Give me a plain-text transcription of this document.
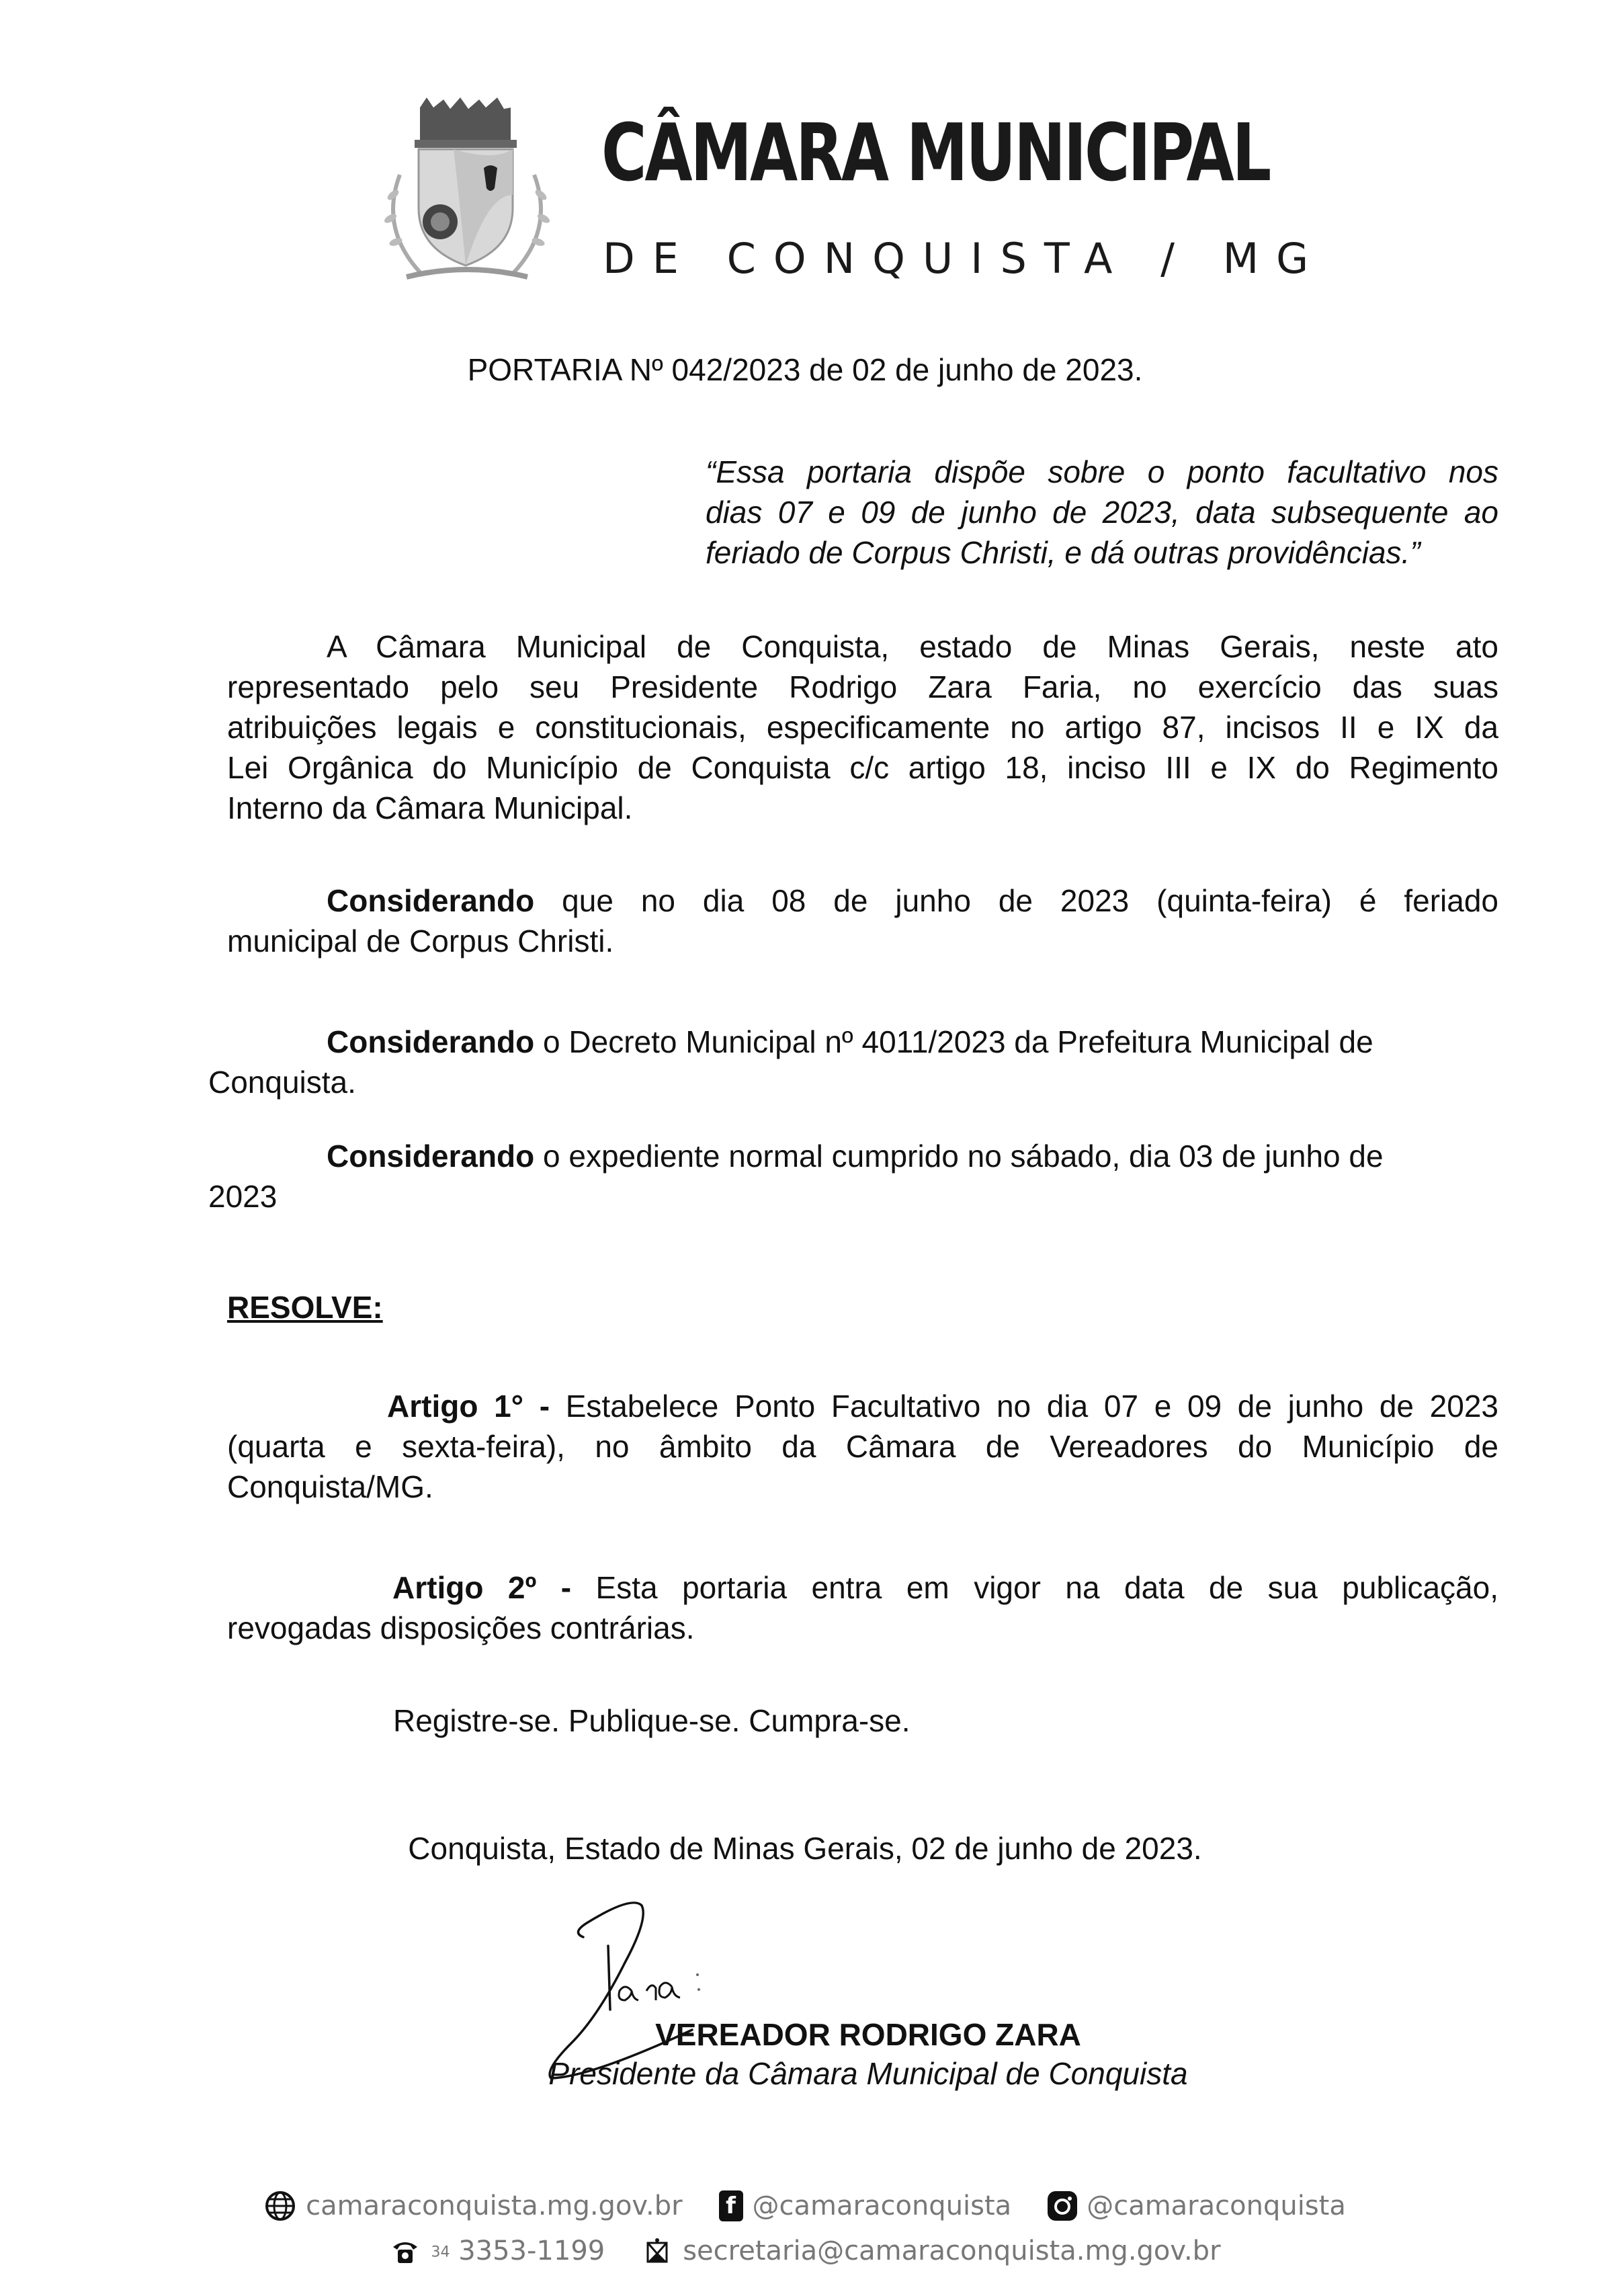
CÂMARA MUNICIPAL
DE CONQUISTA / MG
PORTARIA Nº 042/2023 de 02 de junho de 2023.
“Essa portaria dispõe sobre o ponto facultativo nos
dias 07 e 09 de junho de 2023, data subsequente ao
feriado de Corpus Christi, e dá outras providências.”
A Câmara Municipal de Conquista, estado de Minas Gerais, neste ato
representado pelo seu Presidente Rodrigo Zara Faria, no exercício das suas
atribuições legais e constitucionais, especificamente no artigo 87, incisos II e IX da
Lei Orgânica do Município de Conquista c/c artigo 18, inciso III e IX do Regimento
Interno da Câmara Municipal.
Considerando que no dia 08 de junho de 2023 (quinta-feira) é feriado
municipal de Corpus Christi.
Considerando o Decreto Municipal nº 4011/2023 da Prefeitura Municipal de
Conquista.
Considerando o expediente normal cumprido no sábado, dia 03 de junho de
2023
RESOLVE:
Artigo 1° - Estabelece Ponto Facultativo no dia 07 e 09 de junho de 2023
(quarta e sexta-feira), no âmbito da Câmara de Vereadores do Município de
Conquista/MG.
Artigo 2º - Esta portaria entra em vigor na data de sua publicação,
revogadas disposições contrárias.
Registre-se. Publique-se. Cumpra-se.
Conquista, Estado de Minas Gerais, 02 de junho de 2023.
VEREADOR RODRIGO ZARA
Presidente da Câmara Municipal de Conquista
camaraconquista.mg.gov.br	f @camaraconquista	@camaraconquista
34 3353-1199	secretaria@camaraconquista.mg.gov.br
